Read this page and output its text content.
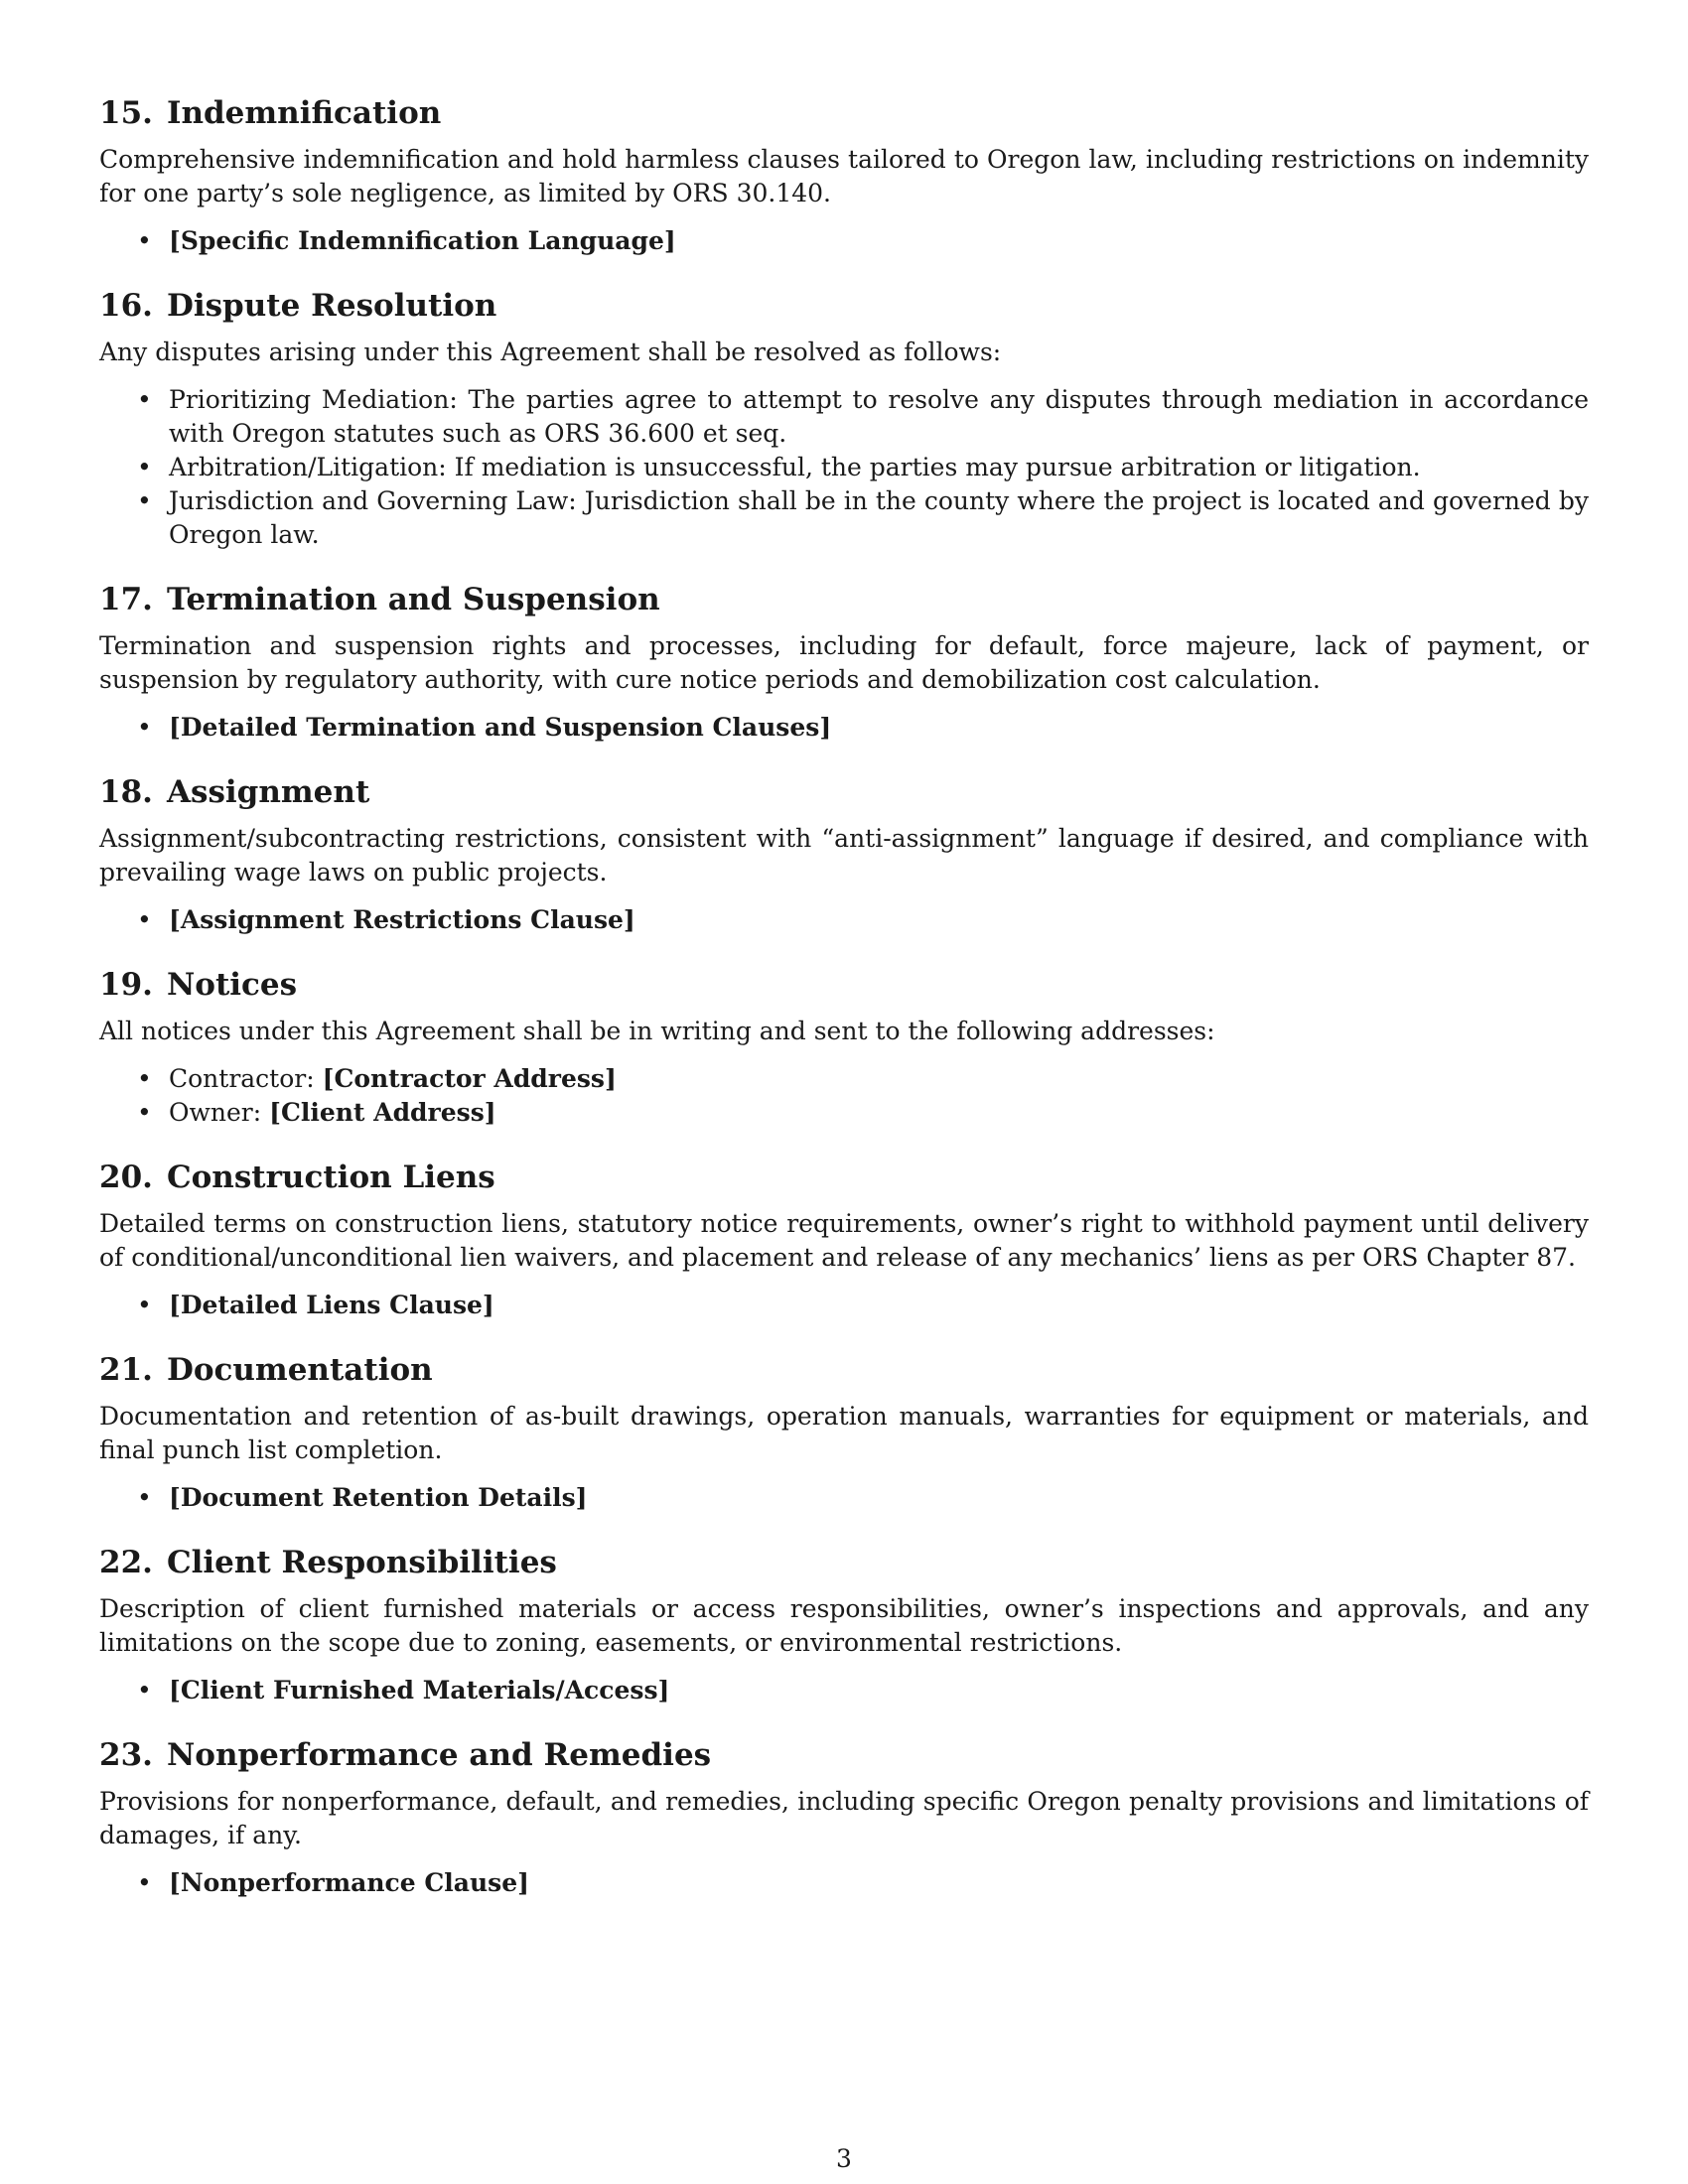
15. Indemnification

Comprehensive indemnification and hold harmless clauses tailored to Oregon law, including restrictions on indemnity for one party’s sole negligence, as limited by ORS 30.140.

• [Specific Indemnification Language]
16. Dispute Resolution

Any disputes arising under this Agreement shall be resolved as follows:

• Prioritizing Mediation: The parties agree to attempt to resolve any disputes through mediation in accordance with Oregon statutes such as ORS 36.600 et seq.
• Arbitration/Litigation: If mediation is unsuccessful, the parties may pursue arbitration or litigation.
• Jurisdiction and Governing Law: Jurisdiction shall be in the county where the project is located and governed by Oregon law.
17. Termination and Suspension

Termination and suspension rights and processes, including for default, force majeure, lack of payment, or suspension by regulatory authority, with cure notice periods and demobilization cost calculation.

• [Detailed Termination and Suspension Clauses]
18. Assignment

Assignment/subcontracting restrictions, consistent with “anti-assignment” language if desired, and compliance with prevailing wage laws on public projects.

• [Assignment Restrictions Clause]
19. Notices

All notices under this Agreement shall be in writing and sent to the following addresses:

• Contractor: [Contractor Address]
• Owner: [Client Address]
20. Construction Liens

Detailed terms on construction liens, statutory notice requirements, owner’s right to withhold payment until delivery of conditional/unconditional lien waivers, and placement and release of any mechanics’ liens as per ORS Chapter 87.

• [Detailed Liens Clause]
21. Documentation

Documentation and retention of as-built drawings, operation manuals, warranties for equipment or materials, and final punch list completion.

• [Document Retention Details]
22. Client Responsibilities

Description of client furnished materials or access responsibilities, owner’s inspections and approvals, and any limitations on the scope due to zoning, easements, or environmental restrictions.

• [Client Furnished Materials/Access]
23. Nonperformance and Remedies

Provisions for nonperformance, default, and remedies, including specific Oregon penalty provisions and limitations of damages, if any.

• [Nonperformance Clause]
3
